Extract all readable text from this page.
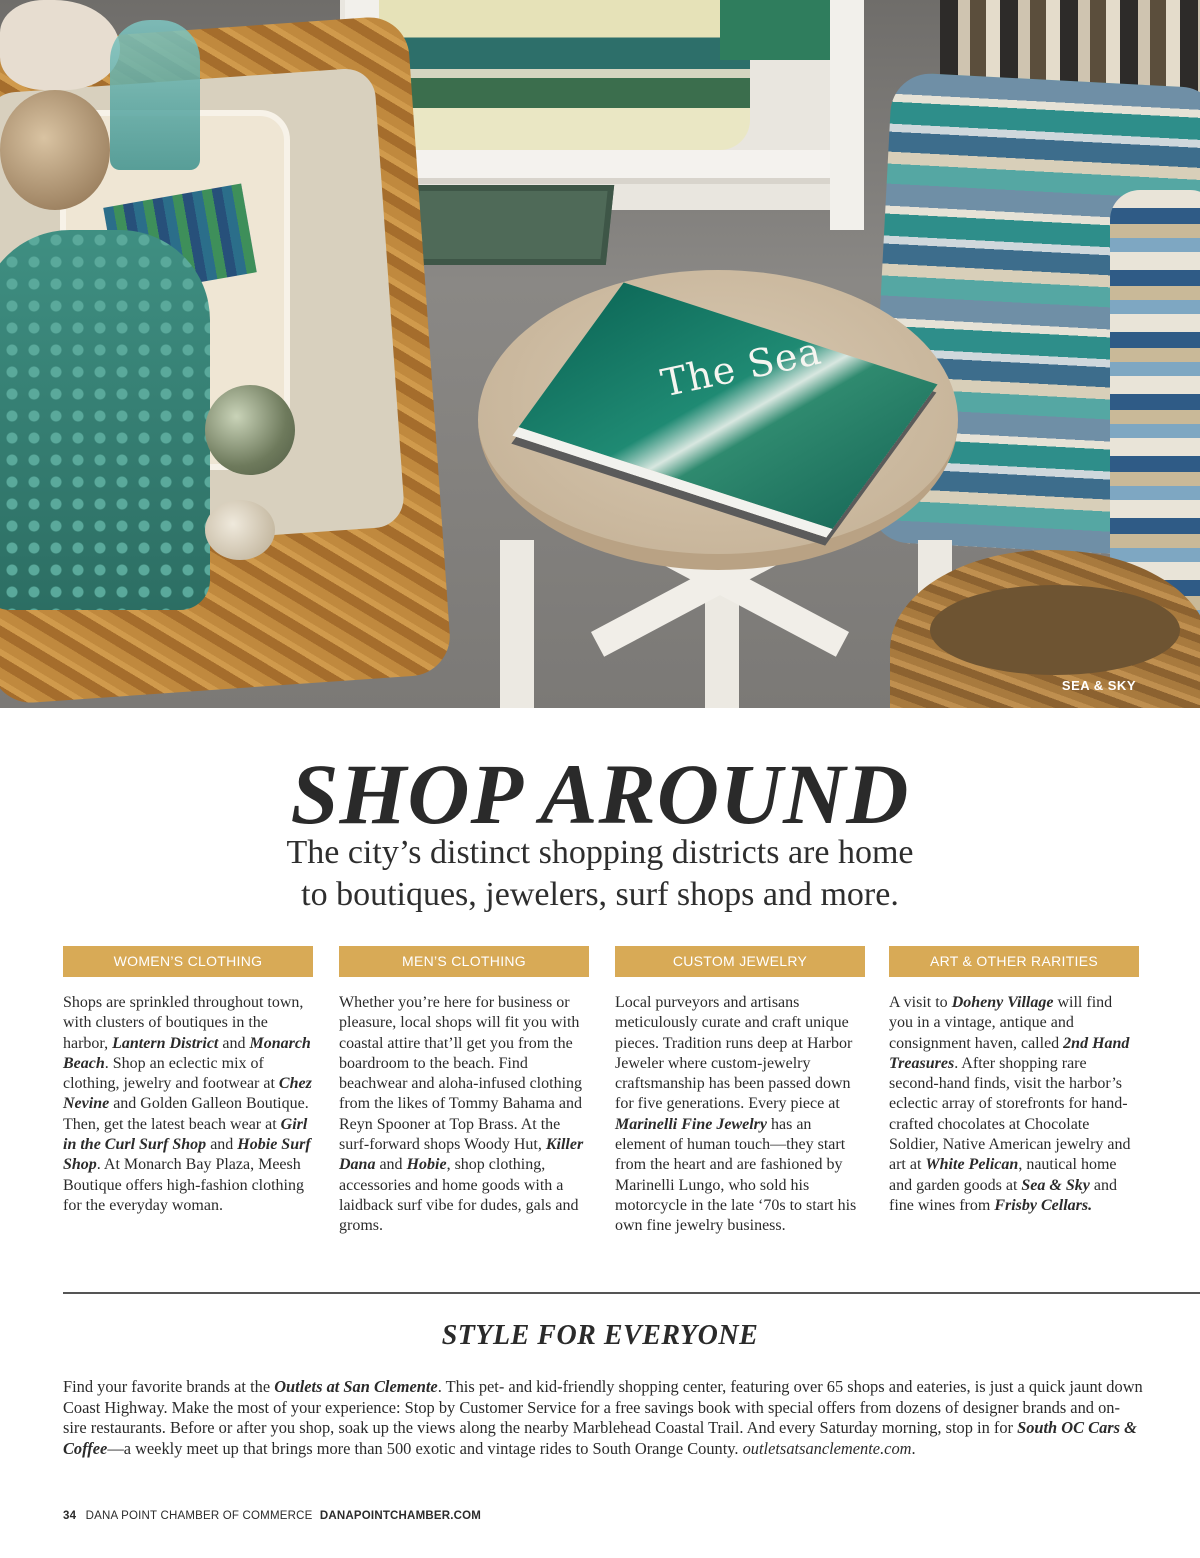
The Sea
SEA & SKY
SHOP AROUND
The city’s distinct shopping districts are home
to boutiques, jewelers, surf shops and more.
WOMEN’S CLOTHING

Shops are sprinkled throughout town, with clusters of boutiques in the harbor, Lantern District and Monarch Beach. Shop an eclectic mix of clothing, jewelry and footwear at Chez Nevine and Golden Galleon Boutique. Then, get the latest beach wear at Girl in the Curl Surf Shop and Hobie Surf Shop. At Monarch Bay Plaza, Meesh Boutique offers high-fashion clothing for the everyday woman.

MEN’S CLOTHING

Whether you’re here for business or pleasure, local shops will fit you with coastal attire that’ll get you from the boardroom to the beach. Find beachwear and aloha-infused clothing from the likes of Tommy Bahama and Reyn Spooner at Top Brass. At the surf-forward shops Woody Hut, Killer Dana and Hobie, shop clothing, accessories and home goods with a laidback surf vibe for dudes, gals and groms.

CUSTOM JEWELRY

Local purveyors and artisans meticulously curate and craft unique pieces. Tradition runs deep at Harbor Jeweler where custom-jewelry craftsmanship has been passed down for five generations. Every piece at Marinelli Fine Jewelry has an element of human touch—they start from the heart and are fashioned by Marinelli Lungo, who sold his motorcycle in the late ‘70s to start his own fine jewelry business.

ART & OTHER RARITIES

A visit to Doheny Village will find you in a vintage, antique and consignment haven, called 2nd Hand Treasures. After shopping rare second-hand finds, visit the harbor’s eclectic array of storefronts for hand-crafted chocolates at Chocolate Soldier, Native American jewelry and art at White Pelican, nautical home and garden goods at Sea & Sky and fine wines from Frisby Cellars.

STYLE FOR EVERYONE

Find your favorite brands at the Outlets at San Clemente. This pet- and kid-friendly shopping center, featuring over 65 shops and eateries, is just a quick jaunt down Coast Highway. Make the most of your experience: Stop by Customer Service for a free savings book with special offers from dozens of designer brands and on-sire restaurants. Before or after you shop, soak up the views along the nearby Marblehead Coastal Trail. And every Saturday morning, stop in for South OC Cars & Coffee—a weekly meet up that brings more than 500 exotic and vintage rides to South Orange County. outletsatsanclemente.com.

34 DANA POINT CHAMBER OF COMMERCE DANAPOINTCHAMBER.COM
